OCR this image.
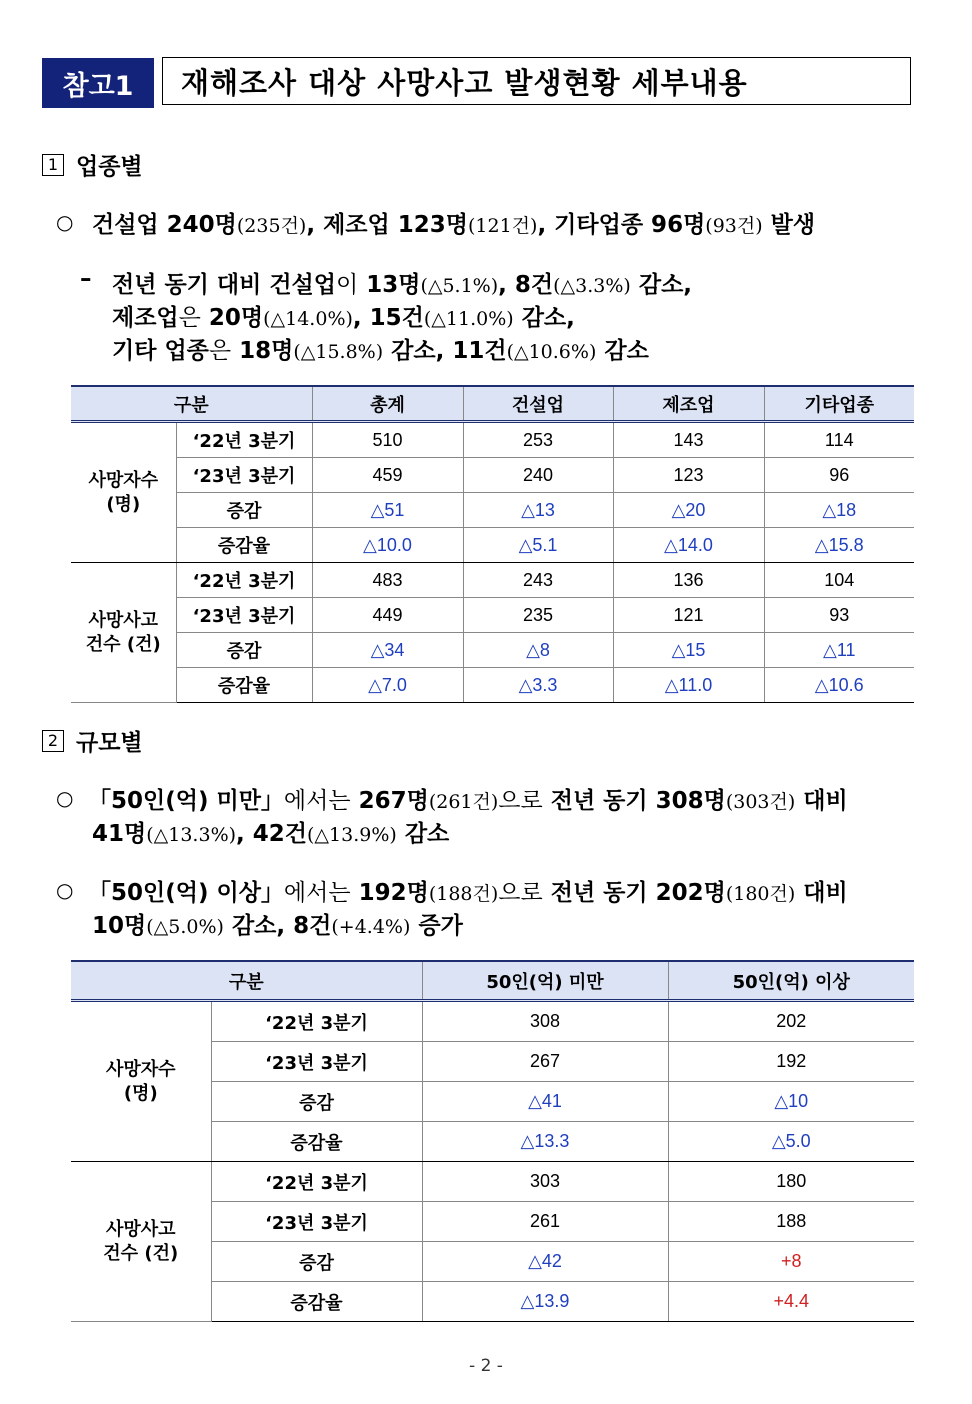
참고1	재해조사 대상 사망사고 발생현황 세부내용
1 업종별
○ 건설업 240명(235건), 제조업 123명(121건), 기타업종 96명(93건) 발생
– 전년 동기 대비 건설업이 13명(△5.1%), 8건(△3.3%) 감소,
제조업은 20명(△14.0%), 15건(△11.0%) 감소,
기타 업종은 18명(△15.8%) 감소, 11건(△10.6%) 감소
구분		총계	건설업	제조업	기타업종
사망자수
(명)	‘22년 3분기	510	253	143	114
	‘23년 3분기	459	240	123	96
	증감	△51	△13	△20	△18
	증감율	△10.0	△5.1	△14.0	△15.8
사망사고
건수 (건)	‘22년 3분기	483	243	136	104
	‘23년 3분기	449	235	121	93
	증감	△34	△8	△15	△11
	증감율	△7.0	△3.3	△11.0	△10.6
2 규모별
○ 「50인(억) 미만」에서는 267명(261건)으로 전년 동기 308명(303건) 대비
41명(△13.3%), 42건(△13.9%) 감소
○ 「50인(억) 이상」에서는 192명(188건)으로 전년 동기 202명(180건) 대비
10명(△5.0%) 감소, 8건(+4.4%) 증가
구분		50인(억) 미만	50인(억) 이상
사망자수
(명)	‘22년 3분기	308	202
	‘23년 3분기	267	192
	증감	△41	△10
	증감율	△13.3	△5.0
사망사고
건수 (건)	‘22년 3분기	303	180
	‘23년 3분기	261	188
	증감	△42	+8
	증감율	△13.9	+4.4
- 2 -
